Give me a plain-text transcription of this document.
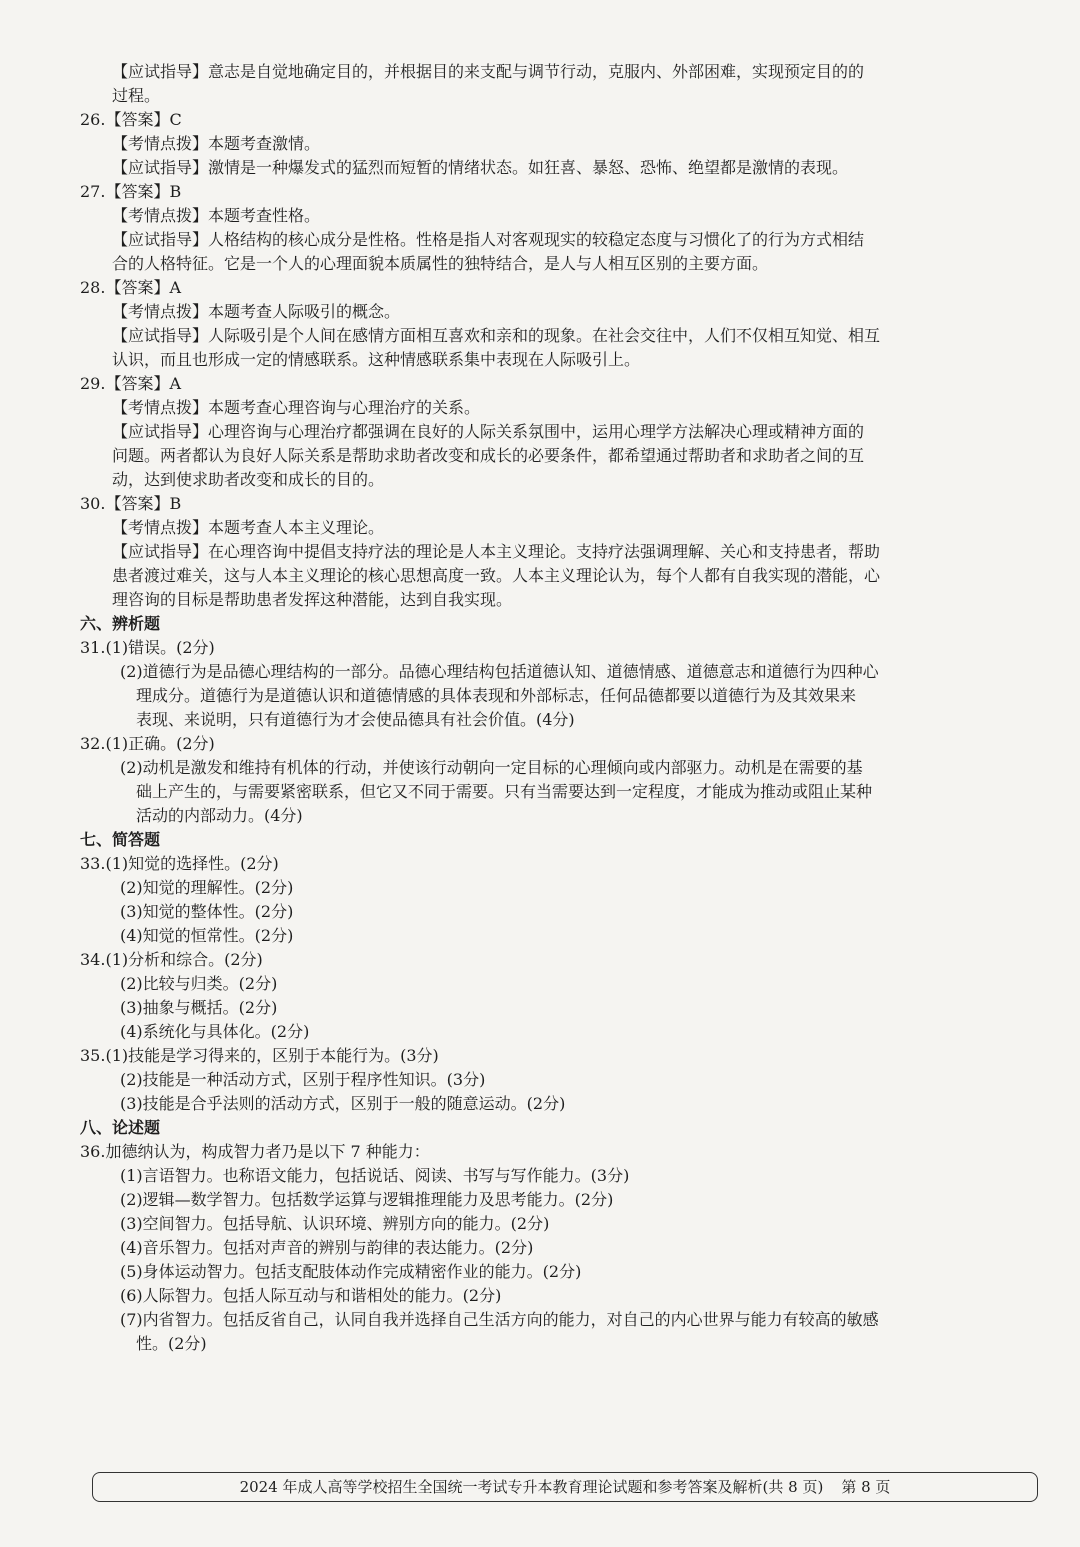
【应试指导】意志是自觉地确定目的，并根据目的来支配与调节行动，克服内、外部困难，实现预定目的的
过程。
26.【答案】C
【考情点拨】本题考查激情。
【应试指导】激情是一种爆发式的猛烈而短暂的情绪状态。如狂喜、暴怒、恐怖、绝望都是激情的表现。
27.【答案】B
【考情点拨】本题考查性格。
【应试指导】人格结构的核心成分是性格。性格是指人对客观现实的较稳定态度与习惯化了的行为方式相结
合的人格特征。它是一个人的心理面貌本质属性的独特结合，是人与人相互区别的主要方面。
28.【答案】A
【考情点拨】本题考查人际吸引的概念。
【应试指导】人际吸引是个人间在感情方面相互喜欢和亲和的现象。在社会交往中，人们不仅相互知觉、相互
认识，而且也形成一定的情感联系。这种情感联系集中表现在人际吸引上。
29.【答案】A
【考情点拨】本题考查心理咨询与心理治疗的关系。
【应试指导】心理咨询与心理治疗都强调在良好的人际关系氛围中，运用心理学方法解决心理或精神方面的
问题。两者都认为良好人际关系是帮助求助者改变和成长的必要条件，都希望通过帮助者和求助者之间的互
动，达到使求助者改变和成长的目的。
30.【答案】B
【考情点拨】本题考查人本主义理论。
【应试指导】在心理咨询中提倡支持疗法的理论是人本主义理论。支持疗法强调理解、关心和支持患者，帮助
患者渡过难关，这与人本主义理论的核心思想高度一致。人本主义理论认为，每个人都有自我实现的潜能，心
理咨询的目标是帮助患者发挥这种潜能，达到自我实现。
六、辨析题
31.(1)错误。(2分)
(2)道德行为是品德心理结构的一部分。品德心理结构包括道德认知、道德情感、道德意志和道德行为四种心
理成分。道德行为是道德认识和道德情感的具体表现和外部标志，任何品德都要以道德行为及其效果来
表现、来说明，只有道德行为才会使品德具有社会价值。(4分)
32.(1)正确。(2分)
(2)动机是激发和维持有机体的行动，并使该行动朝向一定目标的心理倾向或内部驱力。动机是在需要的基
础上产生的，与需要紧密联系，但它又不同于需要。只有当需要达到一定程度，才能成为推动或阻止某种
活动的内部动力。(4分)
七、简答题
33.(1)知觉的选择性。(2分)
(2)知觉的理解性。(2分)
(3)知觉的整体性。(2分)
(4)知觉的恒常性。(2分)
34.(1)分析和综合。(2分)
(2)比较与归类。(2分)
(3)抽象与概括。(2分)
(4)系统化与具体化。(2分)
35.(1)技能是学习得来的，区别于本能行为。(3分)
(2)技能是一种活动方式，区别于程序性知识。(3分)
(3)技能是合乎法则的活动方式，区别于一般的随意运动。(2分)
八、论述题
36.加德纳认为，构成智力者乃是以下 7 种能力：
(1)言语智力。也称语文能力，包括说话、阅读、书写与写作能力。(3分)
(2)逻辑—数学智力。包括数学运算与逻辑推理能力及思考能力。(2分)
(3)空间智力。包括导航、认识环境、辨别方向的能力。(2分)
(4)音乐智力。包括对声音的辨别与韵律的表达能力。(2分)
(5)身体运动智力。包括支配肢体动作完成精密作业的能力。(2分)
(6)人际智力。包括人际互动与和谐相处的能力。(2分)
(7)内省智力。包括反省自己，认同自我并选择自己生活方向的能力，对自己的内心世界与能力有较高的敏感
性。(2分)
2024 年成人高等学校招生全国统一考试专升本教育理论试题和参考答案及解析(共 8 页) 第 8 页
